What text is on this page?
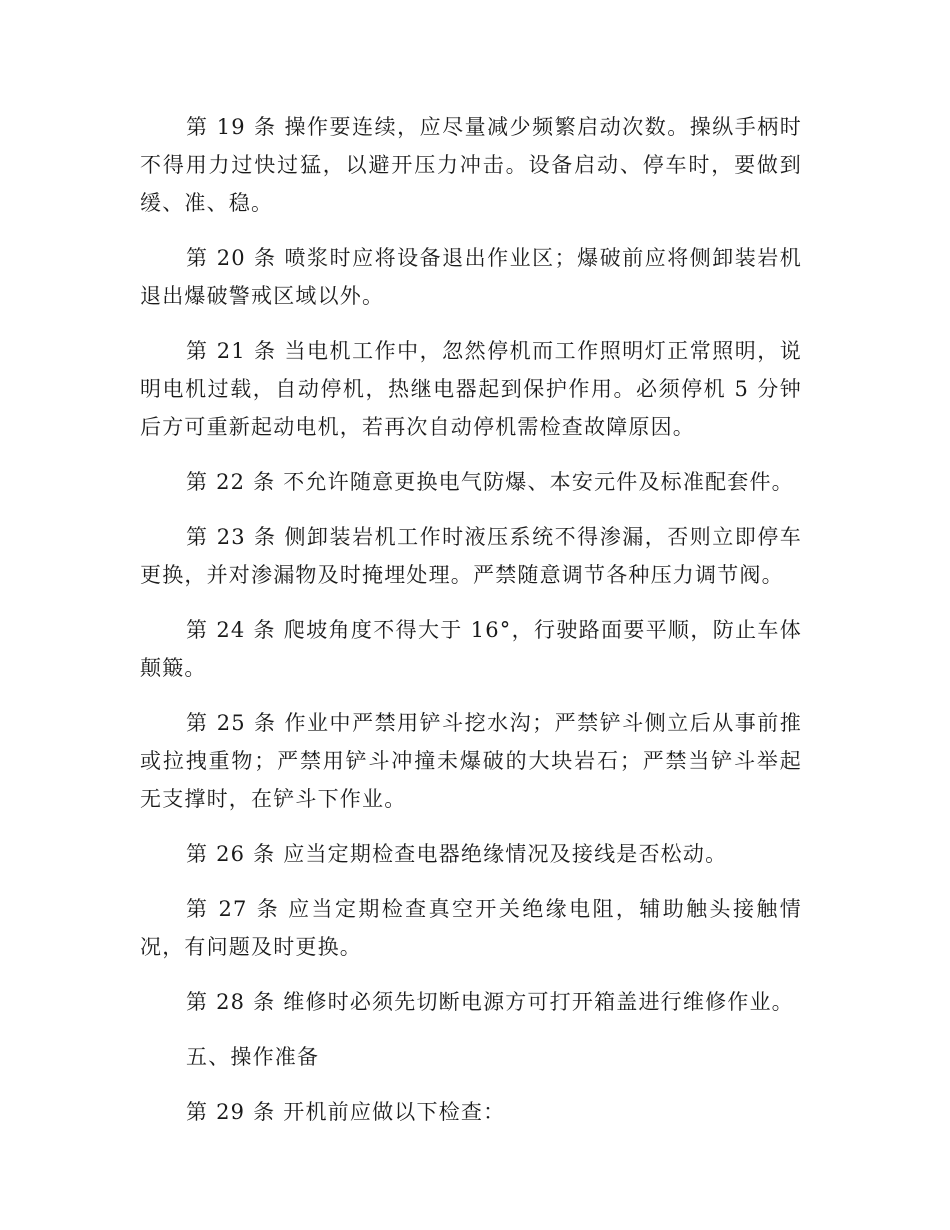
第 19 条 操作要连续，应尽量减少频繁启动次数。操纵手柄时不得用力过快过猛，以避开压力冲击。设备启动、停车时，要做到缓、准、稳。

第 20 条 喷浆时应将设备退出作业区；爆破前应将侧卸装岩机退出爆破警戒区域以外。

第 21 条 当电机工作中，忽然停机而工作照明灯正常照明，说明电机过载，自动停机，热继电器起到保护作用。必须停机 5 分钟后方可重新起动电机，若再次自动停机需检查故障原因。

第 22 条 不允许随意更换电气防爆、本安元件及标准配套件。

第 23 条 侧卸装岩机工作时液压系统不得渗漏，否则立即停车更换，并对渗漏物及时掩埋处理。严禁随意调节各种压力调节阀。

第 24 条 爬坡角度不得大于 16°，行驶路面要平顺，防止车体颠簸。

第 25 条 作业中严禁用铲斗挖水沟；严禁铲斗侧立后从事前推或拉拽重物；严禁用铲斗冲撞未爆破的大块岩石；严禁当铲斗举起无支撑时，在铲斗下作业。

第 26 条 应当定期检查电器绝缘情况及接线是否松动。

第 27 条 应当定期检查真空开关绝缘电阻，辅助触头接触情况，有问题及时更换。

第 28 条 维修时必须先切断电源方可打开箱盖进行维修作业。

五、操作准备

第 29 条 开机前应做以下检查：
